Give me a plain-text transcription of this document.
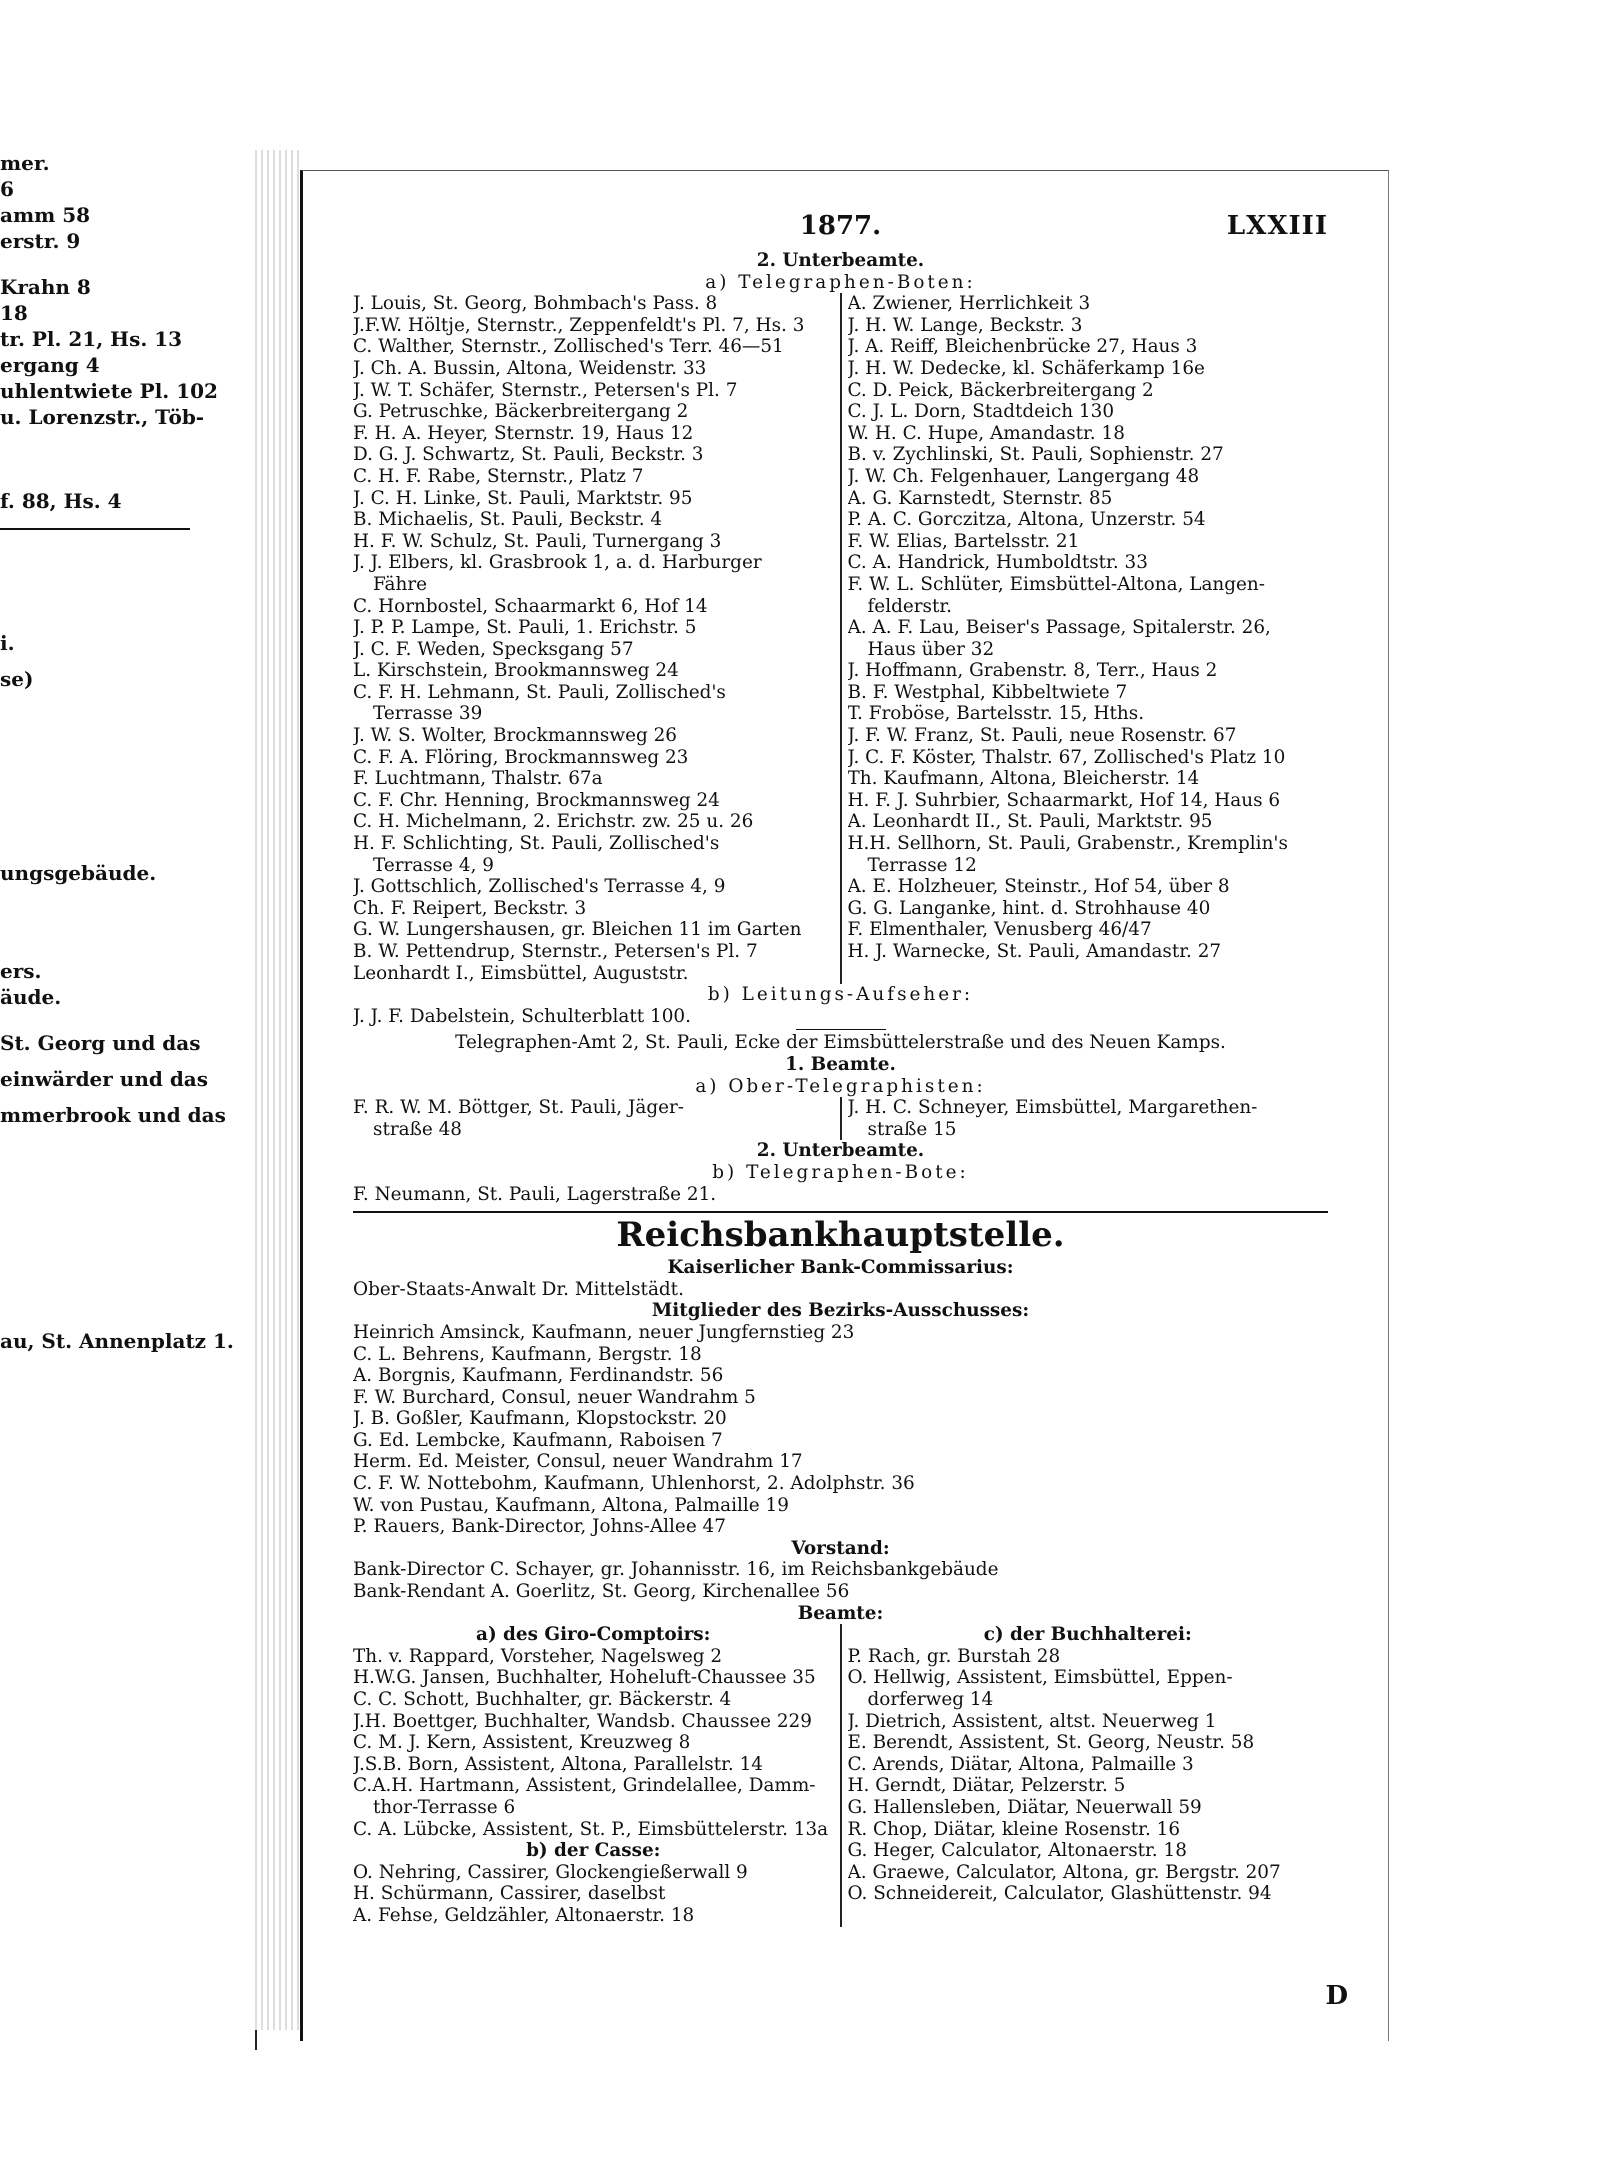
mer.
6
amm 58
erstr. 9
Krahn 8
18
tr. Pl. 21, Hs. 13
ergang 4
uhlentwiete Pl. 102
u. Lorenzstr., Töb-
f. 88, Hs. 4
i.
se)
ungsgebäude.
ers.
äude.
St. Georg und das
einwärder und das
mmerbrook und das
au, St. Annenplatz 1.
1877.	LXXIII
2. Unterbeamte.
a) Telegraphen-Boten:
J. Louis, St. Georg, Bohmbach's Pass. 8
J.F.W. Höltje, Sternstr., Zeppenfeldt's Pl. 7, Hs. 3
C. Walther, Sternstr., Zollisched's Terr. 46—51
J. Ch. A. Bussin, Altona, Weidenstr. 33
J. W. T. Schäfer, Sternstr., Petersen's Pl. 7
G. Petruschke, Bäckerbreitergang 2
F. H. A. Heyer, Sternstr. 19, Haus 12
D. G. J. Schwartz, St. Pauli, Beckstr. 3
C. H. F. Rabe, Sternstr., Platz 7
J. C. H. Linke, St. Pauli, Marktstr. 95
B. Michaelis, St. Pauli, Beckstr. 4
H. F. W. Schulz, St. Pauli, Turnergang 3
J. J. Elbers, kl. Grasbrook 1, a. d. Harburger
Fähre
C. Hornbostel, Schaarmarkt 6, Hof 14
J. P. P. Lampe, St. Pauli, 1. Erichstr. 5
J. C. F. Weden, Specksgang 57
L. Kirschstein, Brookmannsweg 24
C. F. H. Lehmann, St. Pauli, Zollisched's
Terrasse 39
J. W. S. Wolter, Brockmannsweg 26
C. F. A. Flöring, Brockmannsweg 23
F. Luchtmann, Thalstr. 67a
C. F. Chr. Henning, Brockmannsweg 24
C. H. Michelmann, 2. Erichstr. zw. 25 u. 26
H. F. Schlichting, St. Pauli, Zollisched's
Terrasse 4, 9
J. Gottschlich, Zollisched's Terrasse 4, 9
Ch. F. Reipert, Beckstr. 3
G. W. Lungershausen, gr. Bleichen 11 im Garten
B. W. Pettendrup, Sternstr., Petersen's Pl. 7
Leonhardt I., Eimsbüttel, Auguststr.
A. Zwiener, Herrlichkeit 3
J. H. W. Lange, Beckstr. 3
J. A. Reiff, Bleichenbrücke 27, Haus 3
J. H. W. Dedecke, kl. Schäferkamp 16e
C. D. Peick, Bäckerbreitergang 2
C. J. L. Dorn, Stadtdeich 130
W. H. C. Hupe, Amandastr. 18
B. v. Zychlinski, St. Pauli, Sophienstr. 27
J. W. Ch. Felgenhauer, Langergang 48
A. G. Karnstedt, Sternstr. 85
P. A. C. Gorczitza, Altona, Unzerstr. 54
F. W. Elias, Bartelsstr. 21
C. A. Handrick, Humboldtstr. 33
F. W. L. Schlüter, Eimsbüttel-Altona, Langen-
felderstr.
A. A. F. Lau, Beiser's Passage, Spitalerstr. 26,
Haus über 32
J. Hoffmann, Grabenstr. 8, Terr., Haus 2
B. F. Westphal, Kibbeltwiete 7
T. Froböse, Bartelsstr. 15, Hths.
J. F. W. Franz, St. Pauli, neue Rosenstr. 67
J. C. F. Köster, Thalstr. 67, Zollisched's Platz 10
Th. Kaufmann, Altona, Bleicherstr. 14
H. F. J. Suhrbier, Schaarmarkt, Hof 14, Haus 6
A. Leonhardt II., St. Pauli, Marktstr. 95
H.H. Sellhorn, St. Pauli, Grabenstr., Kremplin's
Terrasse 12
A. E. Holzheuer, Steinstr., Hof 54, über 8
G. G. Langanke, hint. d. Strohhause 40
F. Elmenthaler, Venusberg 46/47
H. J. Warnecke, St. Pauli, Amandastr. 27
b) Leitungs-Aufseher:
J. J. F. Dabelstein, Schulterblatt 100.
Telegraphen-Amt 2, St. Pauli, Ecke der Eimsbüttelerstraße und des Neuen Kamps.
1. Beamte.
a) Ober-Telegraphisten:
F. R. W. M. Böttger, St. Pauli, Jäger-
straße 48
J. H. C. Schneyer, Eimsbüttel, Margarethen-
straße 15
2. Unterbeamte.
b) Telegraphen-Bote:
F. Neumann, St. Pauli, Lagerstraße 21.
Reichsbankhauptstelle.
Kaiserlicher Bank-Commissarius:
Ober-Staats-Anwalt Dr. Mittelstädt.
Mitglieder des Bezirks-Ausschusses:
Heinrich Amsinck, Kaufmann, neuer Jungfernstieg 23
C. L. Behrens, Kaufmann, Bergstr. 18
A. Borgnis, Kaufmann, Ferdinandstr. 56
F. W. Burchard, Consul, neuer Wandrahm 5
J. B. Goßler, Kaufmann, Klopstockstr. 20
G. Ed. Lembcke, Kaufmann, Raboisen 7
Herm. Ed. Meister, Consul, neuer Wandrahm 17
C. F. W. Nottebohm, Kaufmann, Uhlenhorst, 2. Adolphstr. 36
W. von Pustau, Kaufmann, Altona, Palmaille 19
P. Rauers, Bank-Director, Johns-Allee 47
Vorstand:
Bank-Director C. Schayer, gr. Johannisstr. 16, im Reichsbankgebäude
Bank-Rendant A. Goerlitz, St. Georg, Kirchenallee 56
Beamte:
a) des Giro-Comptoirs:
Th. v. Rappard, Vorsteher, Nagelsweg 2
H.W.G. Jansen, Buchhalter, Hoheluft-Chaussee 35
C. C. Schott, Buchhalter, gr. Bäckerstr. 4
J.H. Boettger, Buchhalter, Wandsb. Chaussee 229
C. M. J. Kern, Assistent, Kreuzweg 8
J.S.B. Born, Assistent, Altona, Parallelstr. 14
C.A.H. Hartmann, Assistent, Grindelallee, Damm-
thor-Terrasse 6
C. A. Lübcke, Assistent, St. P., Eimsbüttelerstr. 13a
b) der Casse:
O. Nehring, Cassirer, Glockengießerwall 9
H. Schürmann, Cassirer, daselbst
A. Fehse, Geldzähler, Altonaerstr. 18
c) der Buchhalterei:
P. Rach, gr. Burstah 28
O. Hellwig, Assistent, Eimsbüttel, Eppen-
dorferweg 14
J. Dietrich, Assistent, altst. Neuerweg 1
E. Berendt, Assistent, St. Georg, Neustr. 58
C. Arends, Diätar, Altona, Palmaille 3
H. Gerndt, Diätar, Pelzerstr. 5
G. Hallensleben, Diätar, Neuerwall 59
R. Chop, Diätar, kleine Rosenstr. 16
G. Heger, Calculator, Altonaerstr. 18
A. Graewe, Calculator, Altona, gr. Bergstr. 207
O. Schneidereit, Calculator, Glashüttenstr. 94
D
